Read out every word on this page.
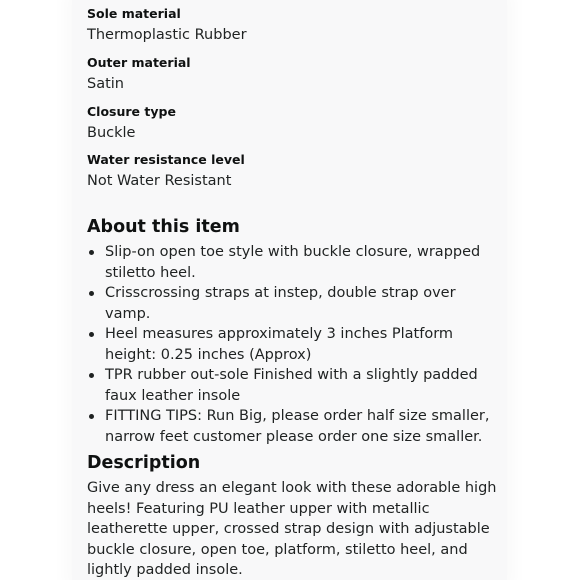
Sole material

Thermoplastic Rubber

Outer material

Satin

Closure type

Buckle

Water resistance level

Not Water Resistant

About this item
Slip-on open toe style with buckle closure, wrapped stiletto heel.
Crisscrossing straps at instep, double strap over vamp.
Heel measures approximately 3 inches Platform height: 0.25 inches (Approx)
TPR rubber out-sole Finished with a slightly padded faux leather insole
FITTING TIPS: Run Big, please order half size smaller, narrow feet customer please order one size smaller.
Description

Give any dress an elegant look with these adorable high heels! Featuring PU leather upper with metallic leatherette upper, crossed strap design with adjustable buckle closure, open toe, platform, stiletto heel, and lightly padded insole.
